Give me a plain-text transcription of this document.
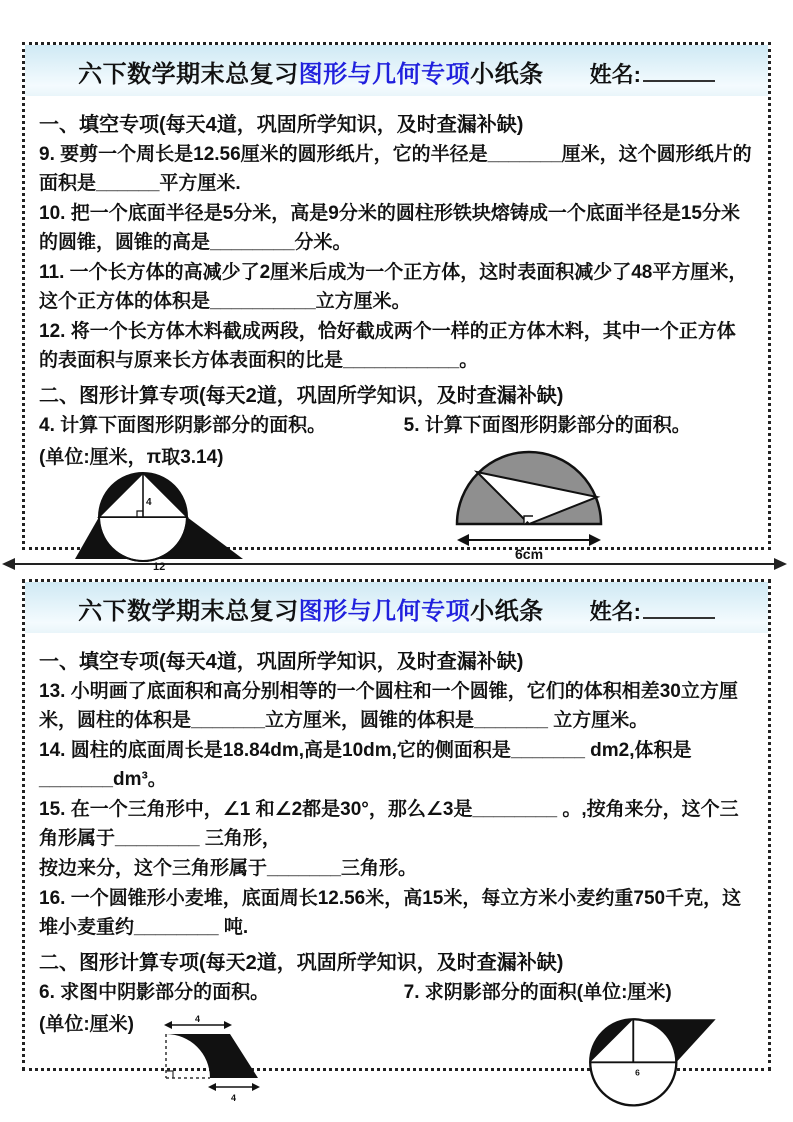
六下数学期末总复习图形与几何专项小纸条 姓名:
一、填空专项(每天4道，巩固所学知识，及时查漏补缺)

9. 要剪一个周长是12.56厘米的圆形纸片，它的半径是_______厘米，这个圆形纸片的面积是______平方厘米.

10. 把一个底面半径是5分米，高是9分米的圆柱形铁块熔铸成一个底面半径是15分米的圆锥，圆锥的高是________分米。

11. 一个长方体的高减少了2厘米后成为一个正方体，这时表面积减少了48平方厘米，这个正方体的体积是__________立方厘米。

12. 将一个长方体木料截成两段，恰好截成两个一样的正方体木料，其中一个正方体的表面积与原来长方体表面积的比是___________。

二、图形计算专项(每天2道，巩固所学知识，及时查漏补缺)
4. 计算下面图形阴影部分的面积。	5. 计算下面图形阴影部分的面积。
(单位:厘米，π取3.14)
4
12
6cm
六下数学期末总复习图形与几何专项小纸条 姓名:
一、填空专项(每天4道，巩固所学知识，及时查漏补缺)

13. 小明画了底面积和高分别相等的一个圆柱和一个圆锥，它们的体积相差30立方厘米，圆柱的体积是_______立方厘米，圆锥的体积是_______ 立方厘米。

14. 圆柱的底面周长是18.84dm,高是10dm,它的侧面积是_______ dm2,体积是_______dm³。

15. 在一个三角形中，∠1 和∠2都是30°，那么∠3是________ 。,按角来分，这个三角形属于________ 三角形，

按边来分，这个三角形属于_______三角形。

16. 一个圆锥形小麦堆，底面周长12.56米，高15米，每立方米小麦约重750千克，这堆小麦重约________ 吨.

二、图形计算专项(每天2道，巩固所学知识，及时查漏补缺)
6. 求图中阴影部分的面积。	7. 求阴影部分的面积(单位:厘米)
(单位:厘米)	4
4
6
